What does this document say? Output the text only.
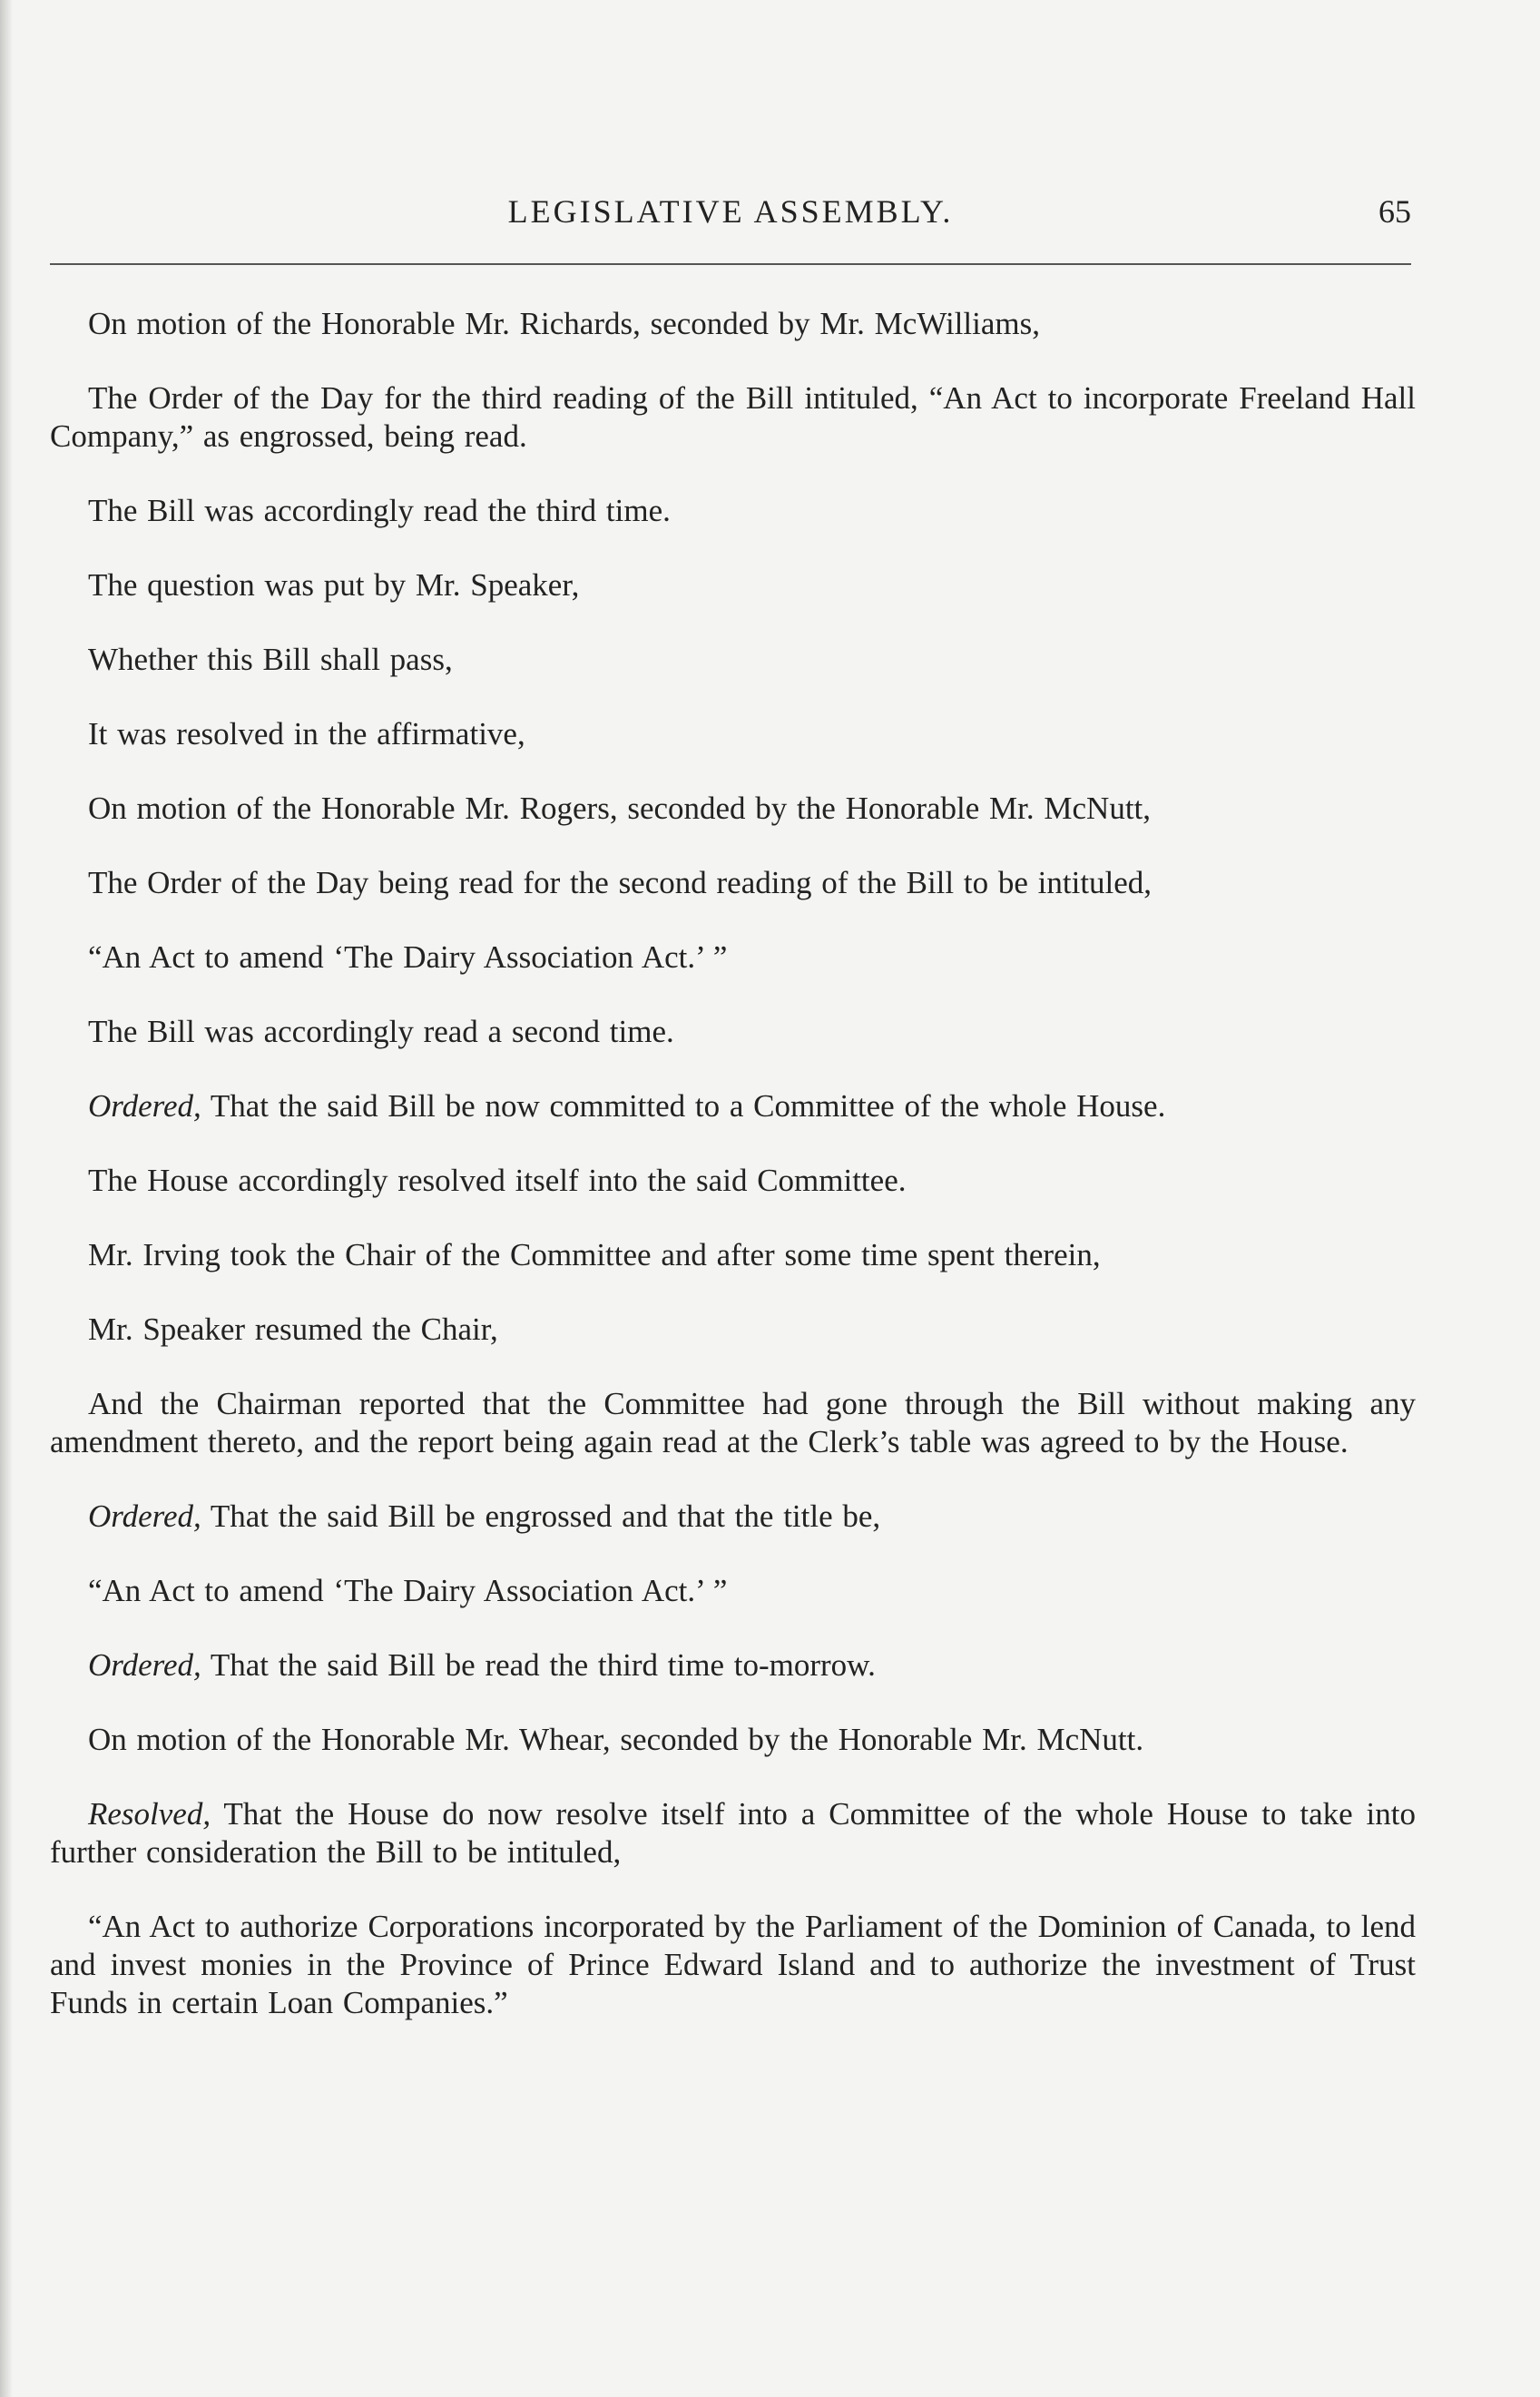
LEGISLATIVE ASSEMBLY.	65

On motion of the Honorable Mr. Richards, seconded by Mr. McWilliams,

The Order of the Day for the third reading of the Bill intituled, “An Act to incorporate Freeland Hall Company,” as engrossed, being read.

The Bill was accordingly read the third time.

The question was put by Mr. Speaker,

Whether this Bill shall pass,

It was resolved in the affirmative,

On motion of the Honorable Mr. Rogers, seconded by the Honorable Mr. McNutt,

The Order of the Day being read for the second reading of the Bill to be intituled,

“An Act to amend ‘The Dairy Association Act.’ ”

The Bill was accordingly read a second time.

Ordered, That the said Bill be now committed to a Committee of the whole House.

The House accordingly resolved itself into the said Committee.

Mr. Irving took the Chair of the Committee and after some time spent therein,

Mr. Speaker resumed the Chair,

And the Chairman reported that the Committee had gone through the Bill without making any amendment thereto, and the report being again read at the Clerk’s table was agreed to by the House.

Ordered, That the said Bill be engrossed and that the title be,

“An Act to amend ‘The Dairy Association Act.’ ”

Ordered, That the said Bill be read the third time to-morrow.

On motion of the Honorable Mr. Whear, seconded by the Honorable Mr. McNutt.

Resolved, That the House do now resolve itself into a Committee of the whole House to take into further consideration the Bill to be intituled,

“An Act to authorize Corporations incorporated by the Parliament of the Dominion of Canada, to lend and invest monies in the Province of Prince Edward Island and to authorize the investment of Trust Funds in certain Loan Companies.”
